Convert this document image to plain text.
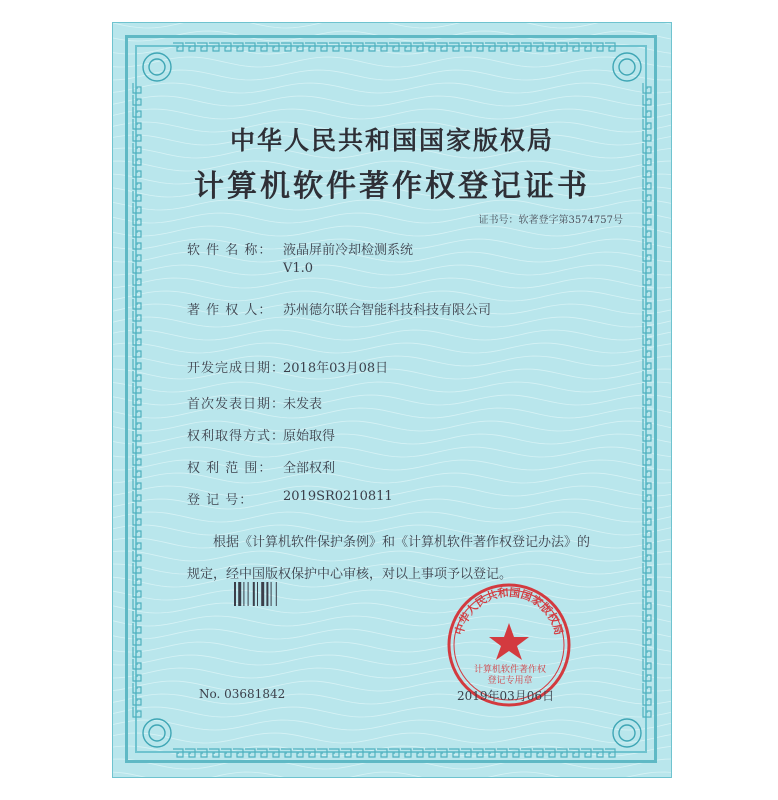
中华人民共和国国家版权局
计算机软件著作权登记证书
证书号：软著登字第3574757号
软 件 名 称： 液晶屏前冷却检测系统
V1.0
著 作 权 人： 苏州德尔联合智能科技科技有限公司
开发完成日期：
2018年03月08日
首次发表日期：
未发表
权利取得方式：
原始取得
权 利 范 围： 全部权利
登 记 号： 2019SR0210811
根据《计算机软件保护条例》和《计算机软件著作权登记办法》的
规定，经中国版权保护中心审核，对以上事项予以登记。
中华人民共和国国家版权局
计算机软件著作权
登记专用章
No. 03681842	2019年03月06日
